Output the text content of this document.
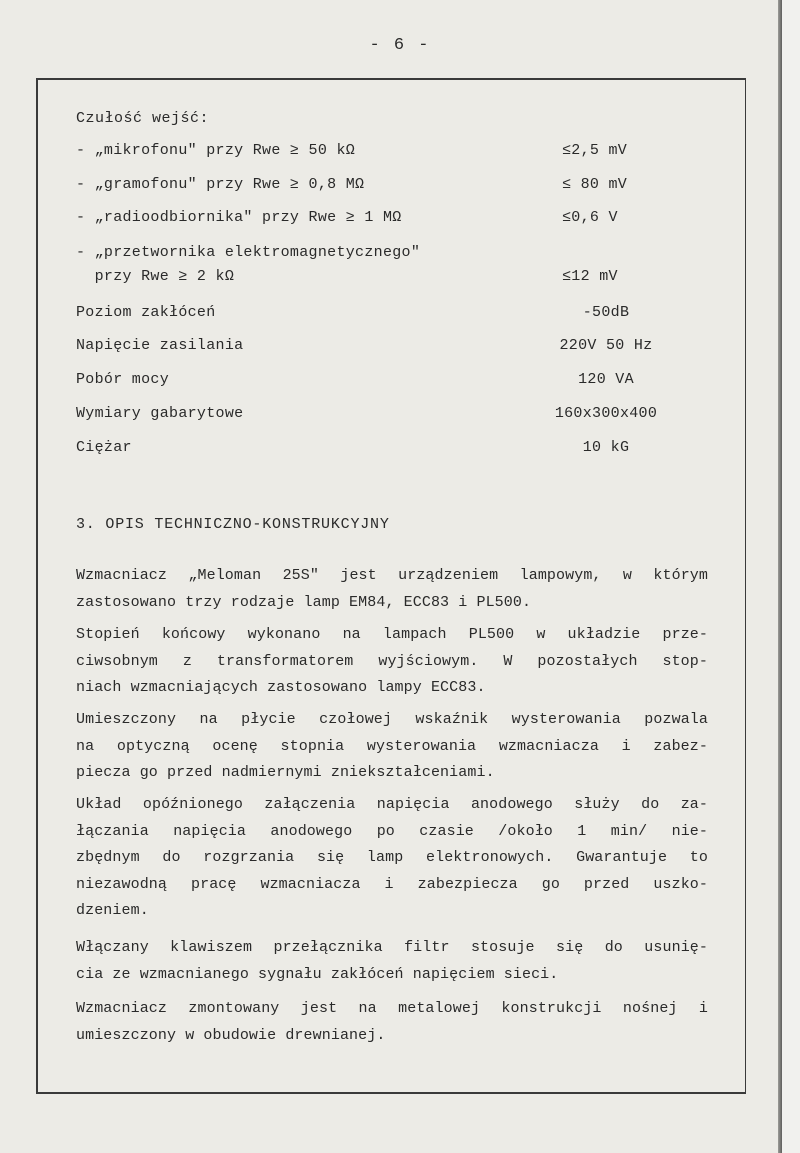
- 6 -
Czułość wejść:
- „mikrofonu" przy Rwe ≥ 50 kΩ	≤2,5 mV
- „gramofonu" przy Rwe ≥ 0,8 MΩ	≤ 80 mV
- „radioodbiornika" przy Rwe ≥ 1 MΩ	≤0,6 V
- „przetwornika elektromagnetycznego"
przy Rwe ≥ 2 kΩ	≤12 mV
Poziom zakłóceń	-50dB
Napięcie zasilania	220V 50 Hz
Pobór mocy	120 VA
Wymiary gabarytowe	160x300x400
Ciężar	10 kG
3. OPIS TECHNICZNO-KONSTRUKCYJNY
Wzmacniacz „Meloman 25S" jest urządzeniem lampowym, w którym
zastosowano trzy rodzaje lamp EM84, ECC83 i PL500.
Stopień końcowy wykonano na lampach PL500 w układzie prze-
ciwsobnym z transformatorem wyjściowym. W pozostałych stop-
niach wzmacniających zastosowano lampy ECC83.
Umieszczony na płycie czołowej wskaźnik wysterowania pozwala
na optyczną ocenę stopnia wysterowania wzmacniacza i zabez-
piecza go przed nadmiernymi zniekształceniami.
Układ opóźnionego załączenia napięcia anodowego służy do za-
łączania napięcia anodowego po czasie /około 1 min/ nie-
zbędnym do rozgrzania się lamp elektronowych. Gwarantuje to
niezawodną pracę wzmacniacza i zabezpiecza go przed uszko-
dzeniem.
Włączany klawiszem przełącznika filtr stosuje się do usunię-
cia ze wzmacnianego sygnału zakłóceń napięciem sieci.
Wzmacniacz zmontowany jest na metalowej konstrukcji nośnej i
umieszczony w obudowie drewnianej.
